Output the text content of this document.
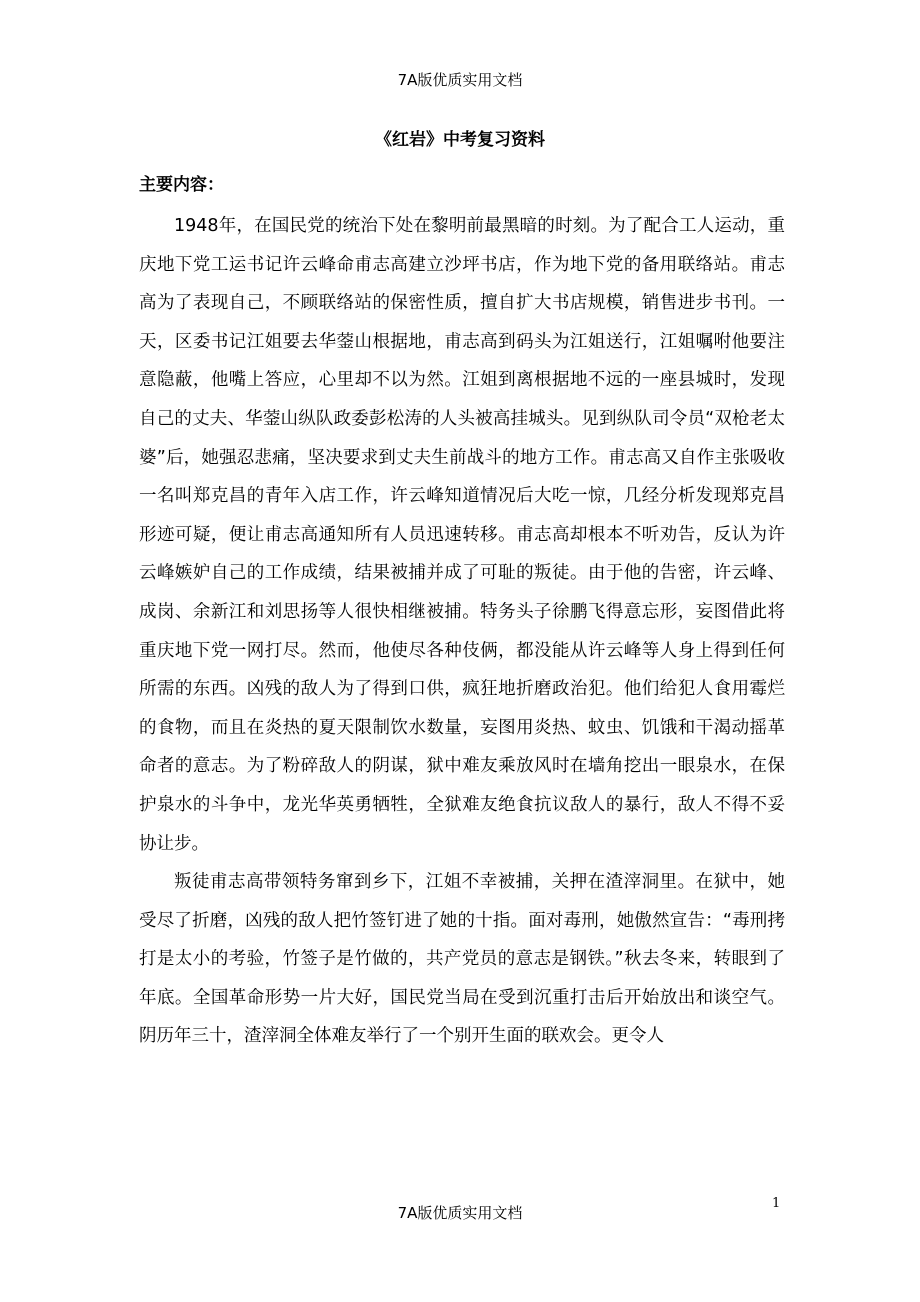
7A版优质实用文档
《红岩》中考复习资料
主要内容：

1948年，在国民党的统治下处在黎明前最黑暗的时刻。为了配合工人运动，重庆地下党工运书记许云峰命甫志高建立沙坪书店，作为地下党的备用联络站。甫志高为了表现自己，不顾联络站的保密性质，擅自扩大书店规模，销售进步书刊。一天，区委书记江姐要去华蓥山根据地，甫志高到码头为江姐送行，江姐嘱咐他要注意隐蔽，他嘴上答应，心里却不以为然。江姐到离根据地不远的一座县城时，发现自己的丈夫、华蓥山纵队政委彭松涛的人头被高挂城头。见到纵队司令员“双枪老太婆”后，她强忍悲痛，坚决要求到丈夫生前战斗的地方工作。甫志高又自作主张吸收一名叫郑克昌的青年入店工作，许云峰知道情况后大吃一惊，几经分析发现郑克昌形迹可疑，便让甫志高通知所有人员迅速转移。甫志高却根本不听劝告，反认为许云峰嫉妒自己的工作成绩，结果被捕并成了可耻的叛徒。由于他的告密，许云峰、成岗、余新江和刘思扬等人很快相继被捕。特务头子徐鹏飞得意忘形，妄图借此将重庆地下党一网打尽。然而，他使尽各种伎俩，都没能从许云峰等人身上得到任何所需的东西。凶残的敌人为了得到口供，疯狂地折磨政治犯。他们给犯人食用霉烂的食物，而且在炎热的夏天限制饮水数量，妄图用炎热、蚊虫、饥饿和干渴动摇革命者的意志。为了粉碎敌人的阴谋，狱中难友乘放风时在墙角挖出一眼泉水，在保护泉水的斗争中，龙光华英勇牺牲，全狱难友绝食抗议敌人的暴行，敌人不得不妥协让步。

叛徒甫志高带领特务窜到乡下，江姐不幸被捕，关押在渣滓洞里。在狱中，她受尽了折磨，凶残的敌人把竹签钉进了她的十指。面对毒刑，她傲然宣告：“毒刑拷打是太小的考验，竹签子是竹做的，共产党员的意志是钢铁。”秋去冬来，转眼到了年底。全国革命形势一片大好，国民党当局在受到沉重打击后开始放出和谈空气。阴历年三十，渣滓洞全体难友举行了一个别开生面的联欢会。更令人

1
7A版优质实用文档
